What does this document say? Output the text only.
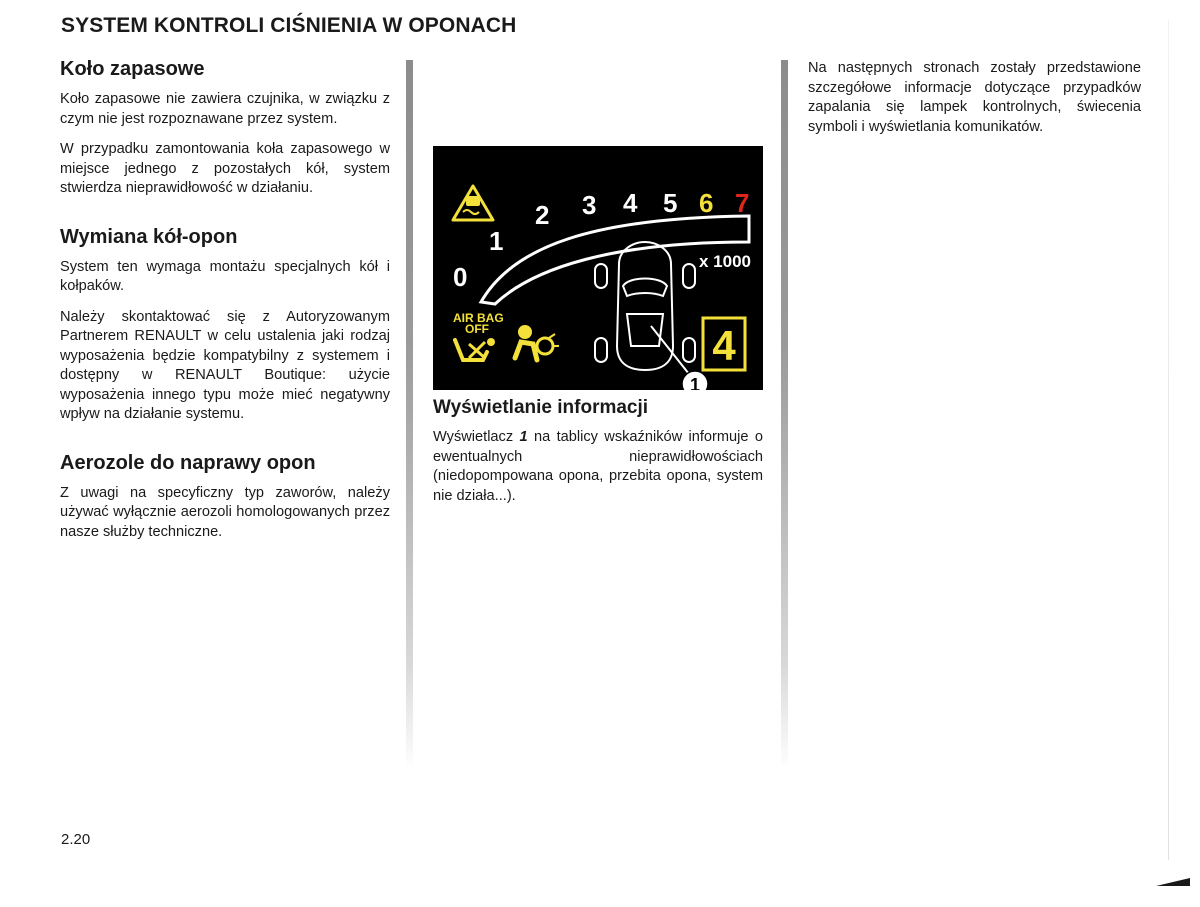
SYSTEM KONTROLI CIŚNIENIA W OPONACH
Koło zapasowe

Koło zapasowe nie zawiera czujnika, w związku z czym nie jest rozpoznawane przez system.

W przypadku zamontowania koła zapasowego w miejsce jednego z pozostałych kół, system stwierdza nieprawidłowość w działaniu.

Wymiana kół-opon

System ten wymaga montażu specjalnych kół i kołpaków.

Należy skontaktować się z Autoryzowanym Partnerem RENAULT w celu ustalenia jaki rodzaj wyposażenia będzie kompatybilny z systemem i dostępny w RENAULT Boutique: użycie wyposażenia innego typu może mieć negatywny wpływ na działanie systemu.

Aerozole do naprawy opon

Z uwagi na specyficzny typ zaworów, należy używać wyłącznie aerozoli homologowanych przez nasze służby techniczne.

0
1
2 3 4 5 6 7
x 1000
AIR BAG
OFF
1
4
Wyświetlanie informacji

Wyświetlacz 1 na tablicy wskaźników informuje o ewentualnych nieprawidłowościach (niedopompowana opona, przebita opona, system nie działa...).

Na następnych stronach zostały przedstawione szczegółowe informacje dotyczące przypadków zapalania się lampek kontrolnych, świecenia symboli i wyświetlania komunikatów.

2.20
